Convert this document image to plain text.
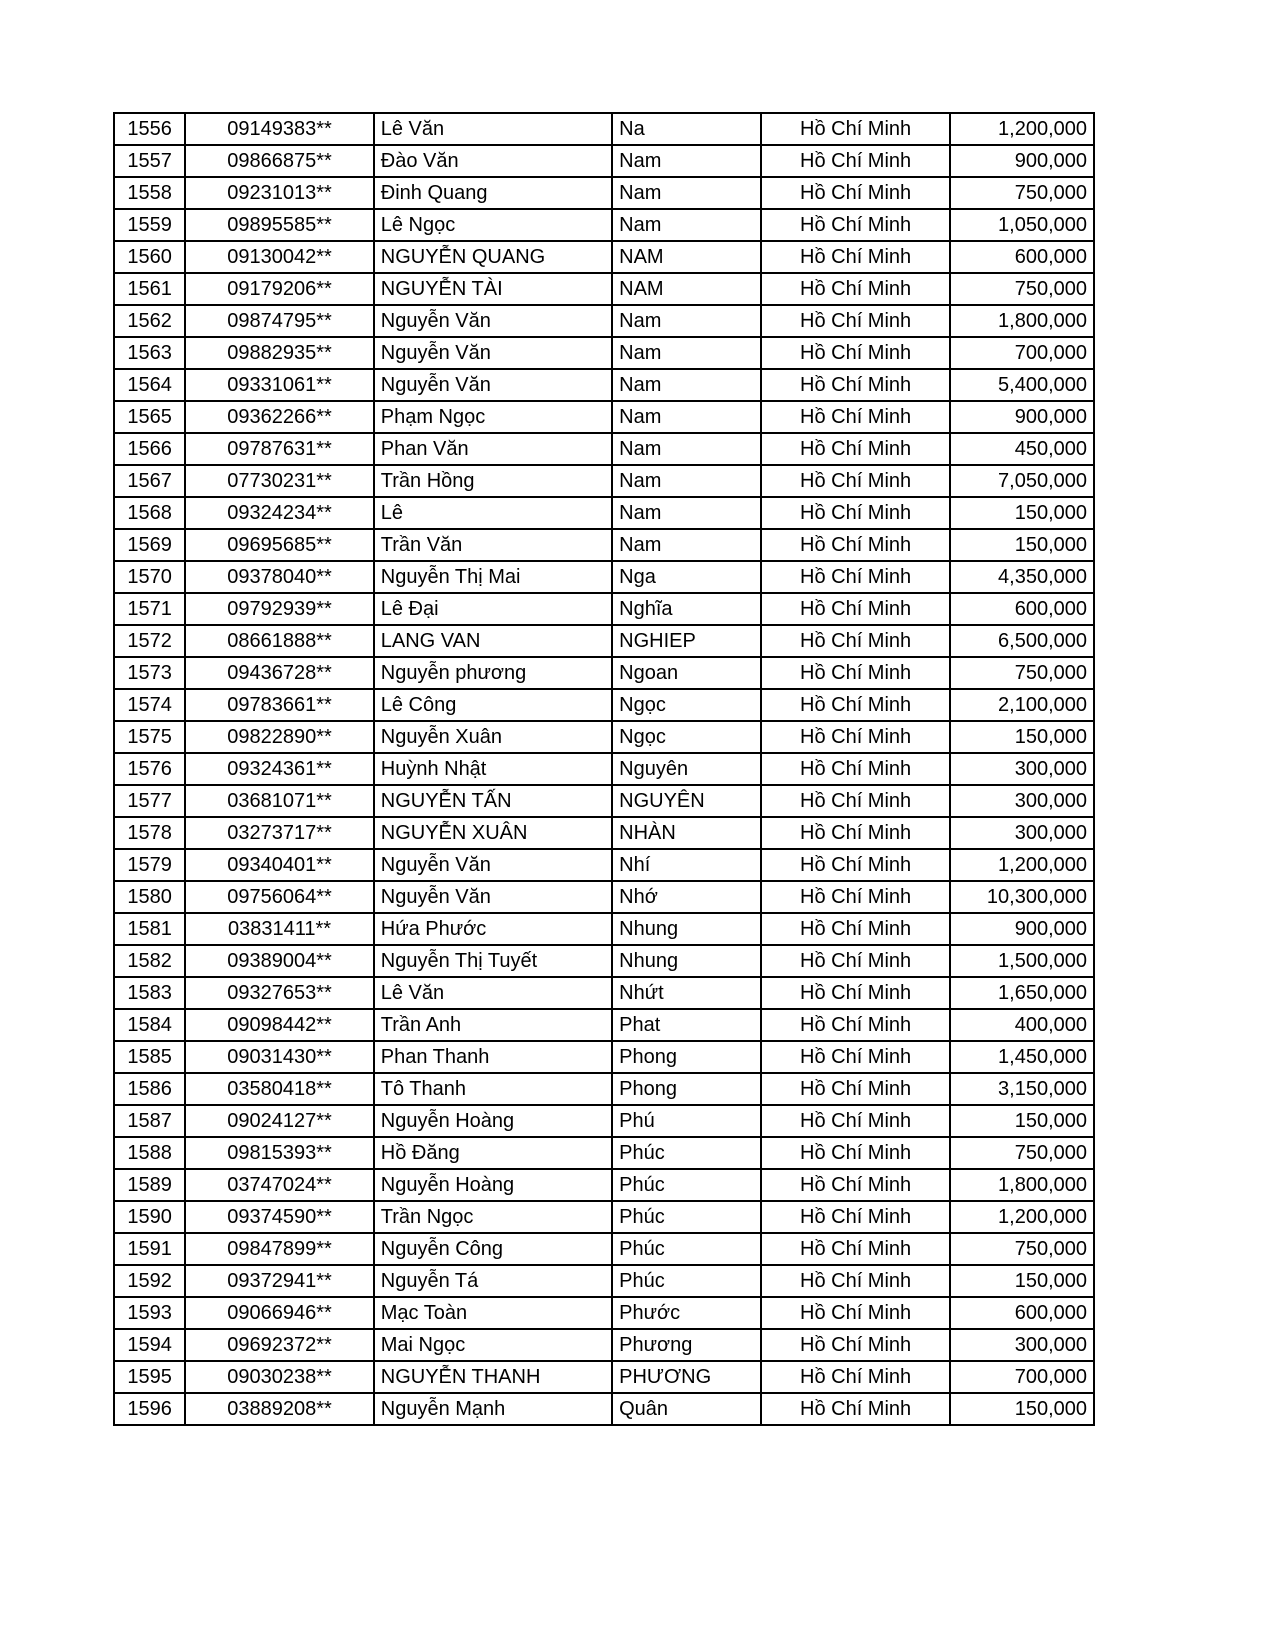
1556	09149383**	Lê Văn	Na	Hồ Chí Minh	1,200,000
1557	09866875**	Đào Văn	Nam	Hồ Chí Minh	900,000
1558	09231013**	Đinh Quang	Nam	Hồ Chí Minh	750,000
1559	09895585**	Lê Ngọc	Nam	Hồ Chí Minh	1,050,000
1560	09130042**	NGUYỄN QUANG	NAM	Hồ Chí Minh	600,000
1561	09179206**	NGUYỄN TÀI	NAM	Hồ Chí Minh	750,000
1562	09874795**	Nguyễn Văn	Nam	Hồ Chí Minh	1,800,000
1563	09882935**	Nguyễn Văn	Nam	Hồ Chí Minh	700,000
1564	09331061**	Nguyễn Văn	Nam	Hồ Chí Minh	5,400,000
1565	09362266**	Phạm Ngọc	Nam	Hồ Chí Minh	900,000
1566	09787631**	Phan Văn	Nam	Hồ Chí Minh	450,000
1567	07730231**	Trần Hồng	Nam	Hồ Chí Minh	7,050,000
1568	09324234**	Lê	Nam	Hồ Chí Minh	150,000
1569	09695685**	Trần Văn	Nam	Hồ Chí Minh	150,000
1570	09378040**	Nguyễn Thị Mai	Nga	Hồ Chí Minh	4,350,000
1571	09792939**	Lê Đại	Nghĩa	Hồ Chí Minh	600,000
1572	08661888**	LANG VAN	NGHIEP	Hồ Chí Minh	6,500,000
1573	09436728**	Nguyễn phương	Ngoan	Hồ Chí Minh	750,000
1574	09783661**	Lê Công	Ngọc	Hồ Chí Minh	2,100,000
1575	09822890**	Nguyễn Xuân	Ngọc	Hồ Chí Minh	150,000
1576	09324361**	Huỳnh Nhật	Nguyên	Hồ Chí Minh	300,000
1577	03681071**	NGUYỄN TẤN	NGUYÊN	Hồ Chí Minh	300,000
1578	03273717**	NGUYỄN XUÂN	NHÀN	Hồ Chí Minh	300,000
1579	09340401**	Nguyễn Văn	Nhí	Hồ Chí Minh	1,200,000
1580	09756064**	Nguyễn Văn	Nhớ	Hồ Chí Minh	10,300,000
1581	03831411**	Hứa Phước	Nhung	Hồ Chí Minh	900,000
1582	09389004**	Nguyễn Thị Tuyết	Nhung	Hồ Chí Minh	1,500,000
1583	09327653**	Lê Văn	Nhứt	Hồ Chí Minh	1,650,000
1584	09098442**	Trần Anh	Phat	Hồ Chí Minh	400,000
1585	09031430**	Phan Thanh	Phong	Hồ Chí Minh	1,450,000
1586	03580418**	Tô Thanh	Phong	Hồ Chí Minh	3,150,000
1587	09024127**	Nguyễn Hoàng	Phú	Hồ Chí Minh	150,000
1588	09815393**	Hồ Đăng	Phúc	Hồ Chí Minh	750,000
1589	03747024**	Nguyễn Hoàng	Phúc	Hồ Chí Minh	1,800,000
1590	09374590**	Trần Ngọc	Phúc	Hồ Chí Minh	1,200,000
1591	09847899**	Nguyễn Công	Phúc	Hồ Chí Minh	750,000
1592	09372941**	Nguyễn Tá	Phúc	Hồ Chí Minh	150,000
1593	09066946**	Mạc Toàn	Phước	Hồ Chí Minh	600,000
1594	09692372**	Mai Ngọc	Phương	Hồ Chí Minh	300,000
1595	09030238**	NGUYỄN THANH	PHƯƠNG	Hồ Chí Minh	700,000
1596	03889208**	Nguyễn Mạnh	Quân	Hồ Chí Minh	150,000
